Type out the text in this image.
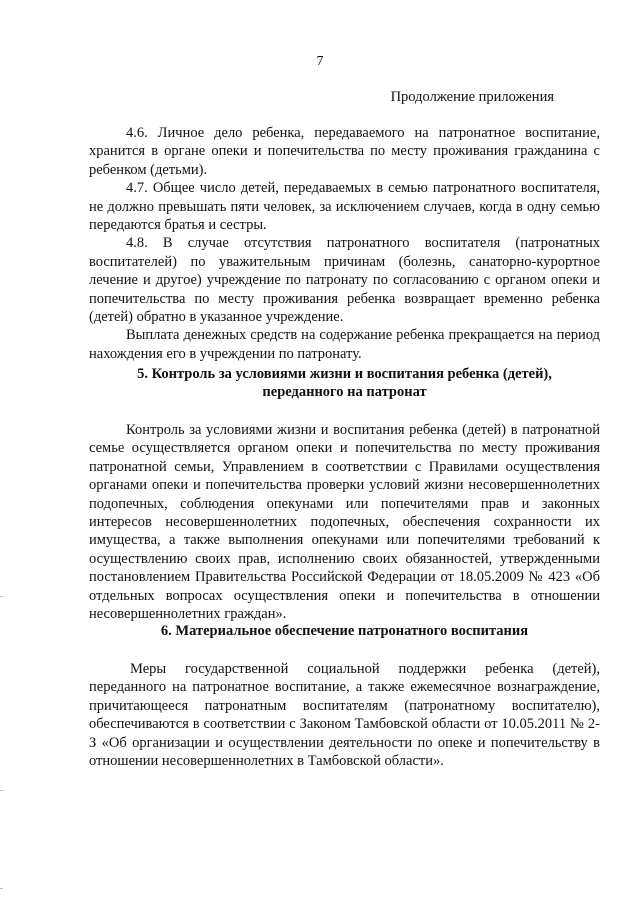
7
Продолжение приложения

4.6. Личное дело ребенка, передаваемого на патронатное воспитание, хранится в органе опеки и попечительства по месту проживания гражданина с ребенком (детьми).

4.7. Общее число детей, передаваемых в семью патронатного воспитателя, не должно превышать пяти человек, за исключением случаев, когда в одну семью передаются братья и сестры.

4.8. В случае отсутствия патронатного воспитателя (патронатных воспитателей) по уважительным причинам (болезнь, санаторно-курортное лечение и другое) учреждение по патронату по согласованию с органом опеки и попечительства по месту проживания ребенка возвращает временно ребенка (детей) обратно в указанное учреждение.

Выплата денежных средств на содержание ребенка прекращается на период нахождения его в учреждении по патронату.

5. Контроль за условиями жизни и воспитания ребенка (детей),
переданного на патронат

Контроль за условиями жизни и воспитания ребенка (детей) в патронатной семье осуществляется органом опеки и попечительства по месту проживания патронатной семьи, Управлением в соответствии с Правилами осуществления органами опеки и попечительства проверки условий жизни несовершеннолетних подопечных, соблюдения опекунами или попечителями прав и законных интересов несовершеннолетних подопечных, обеспечения сохранности их имущества, а также выполнения опекунами или попечителями требований к осуществлению своих прав, исполнению своих обязанностей, утвержденными постановлением Правительства Российской Федерации от 18.05.2009 № 423 «Об отдельных вопросах осуществления опеки и попечительства в отношении несовершеннолетних граждан».

6. Материальное обеспечение патронатного воспитания

Меры государственной социальной поддержки ребенка (детей), переданного на патронатное воспитание, а также ежемесячное вознаграждение, причитающееся патронатным воспитателям (патронатному воспитателю), обеспечиваются в соответствии с Законом Тамбовской области от 10.05.2011 № 2-З «Об организации и осуществлении деятельности по опеке и попечительству в отношении несовершеннолетних в Тамбовской области».
